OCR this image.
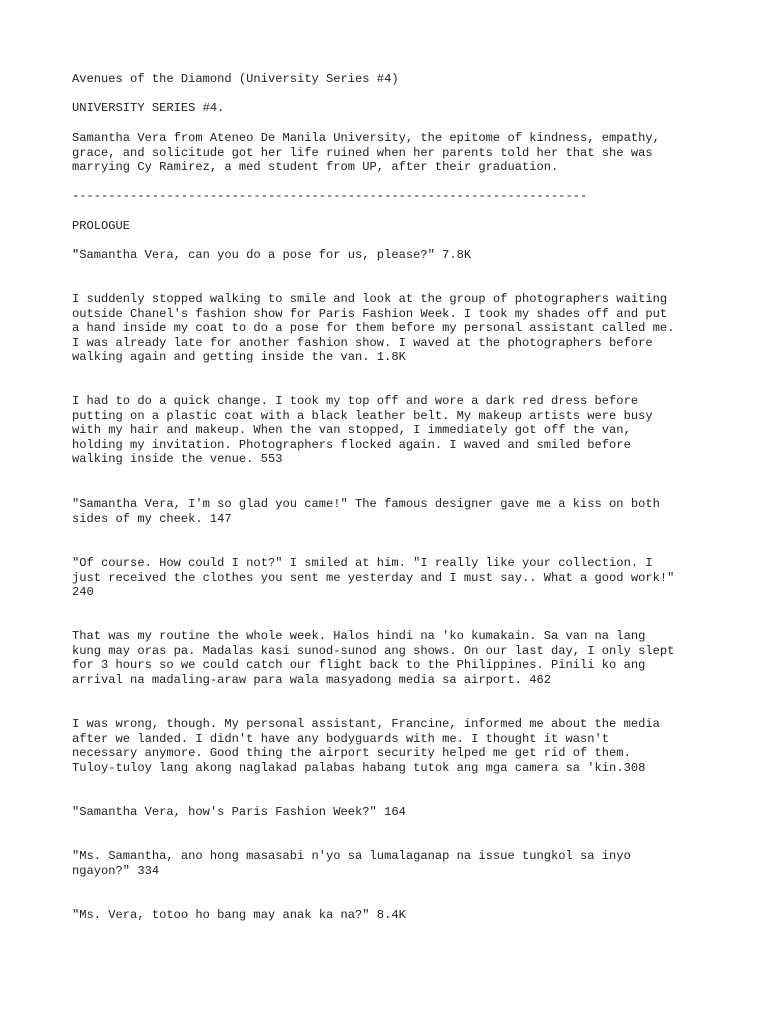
Avenues of the Diamond (University Series #4)

UNIVERSITY SERIES #4.

Samantha Vera from Ateneo De Manila University, the epitome of kindness, empathy,

grace, and solicitude got her life ruined when her parents told her that she was

marrying Cy Ramirez, a med student from UP, after their graduation.

-----------------------------------------------------------------------

PROLOGUE

"Samantha Vera, can you do a pose for us, please?" 7.8K

I suddenly stopped walking to smile and look at the group of photographers waiting

outside Chanel's fashion show for Paris Fashion Week. I took my shades off and put

a hand inside my coat to do a pose for them before my personal assistant called me.

I was already late for another fashion show. I waved at the photographers before

walking again and getting inside the van. 1.8K

I had to do a quick change. I took my top off and wore a dark red dress before

putting on a plastic coat with a black leather belt. My makeup artists were busy

with my hair and makeup. When the van stopped, I immediately got off the van,

holding my invitation. Photographers flocked again. I waved and smiled before

walking inside the venue. 553

"Samantha Vera, I'm so glad you came!" The famous designer gave me a kiss on both

sides of my cheek. 147

"Of course. How could I not?" I smiled at him. "I really like your collection. I

just received the clothes you sent me yesterday and I must say.. What a good work!"

240

That was my routine the whole week. Halos hindi na 'ko kumakain. Sa van na lang

kung may oras pa. Madalas kasi sunod-sunod ang shows. On our last day, I only slept

for 3 hours so we could catch our flight back to the Philippines. Pinili ko ang

arrival na madaling-araw para wala masyadong media sa airport. 462

I was wrong, though. My personal assistant, Francine, informed me about the media

after we landed. I didn't have any bodyguards with me. I thought it wasn't

necessary anymore. Good thing the airport security helped me get rid of them.

Tuloy-tuloy lang akong naglakad palabas habang tutok ang mga camera sa 'kin.308

"Samantha Vera, how's Paris Fashion Week?" 164

"Ms. Samantha, ano hong masasabi n'yo sa lumalaganap na issue tungkol sa inyo

ngayon?" 334

"Ms. Vera, totoo ho bang may anak ka na?" 8.4K
